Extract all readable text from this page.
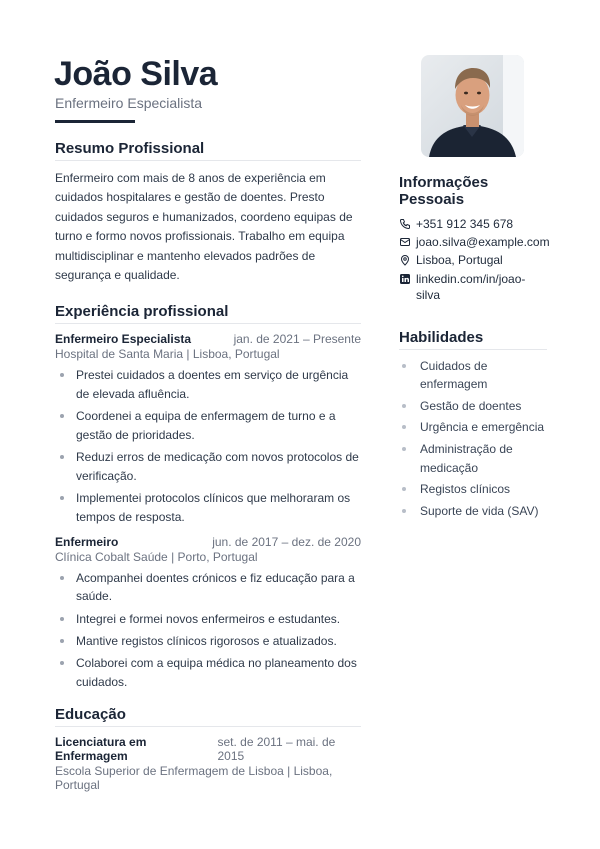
João Silva
Enfermeiro Especialista
Resumo Profissional

Enfermeiro com mais de 8 anos de experiência em cuidados hospitalares e gestão de doentes. Presto cuidados seguros e humanizados, coordeno equipas de turno e formo novos profissionais. Trabalho em equipa multidisciplinar e mantenho elevados padrões de segurança e qualidade.

Experiência profissional
Enfermeiro Especialista	jan. de 2021 – Presente
Hospital de Santa Maria | Lisboa, Portugal
Prestei cuidados a doentes em serviço de urgência de elevada afluência.
Coordenei a equipa de enfermagem de turno e a gestão de prioridades.
Reduzi erros de medicação com novos protocolos de verificação.
Implementei protocolos clínicos que melhoraram os tempos de resposta.
Enfermeiro	jun. de 2017 – dez. de 2020
Clínica Cobalt Saúde | Porto, Portugal
Acompanhei doentes crónicos e fiz educação para a saúde.
Integrei e formei novos enfermeiros e estudantes.
Mantive registos clínicos rigorosos e atualizados.
Colaborei com a equipa médica no planeamento dos cuidados.
Educação
Licenciatura em Enfermagem
set. de 2011 – mai. de 2015
Escola Superior de Enfermagem de Lisboa | Lisboa, Portugal
Informações Pessoais
+351 912 345 678
joao.silva@example.com
Lisboa, Portugal
linkedin.com/in/joao-silva
Habilidades
Cuidados de enfermagem
Gestão de doentes
Urgência e emergência
Administração de medicação
Registos clínicos
Suporte de vida (SAV)
